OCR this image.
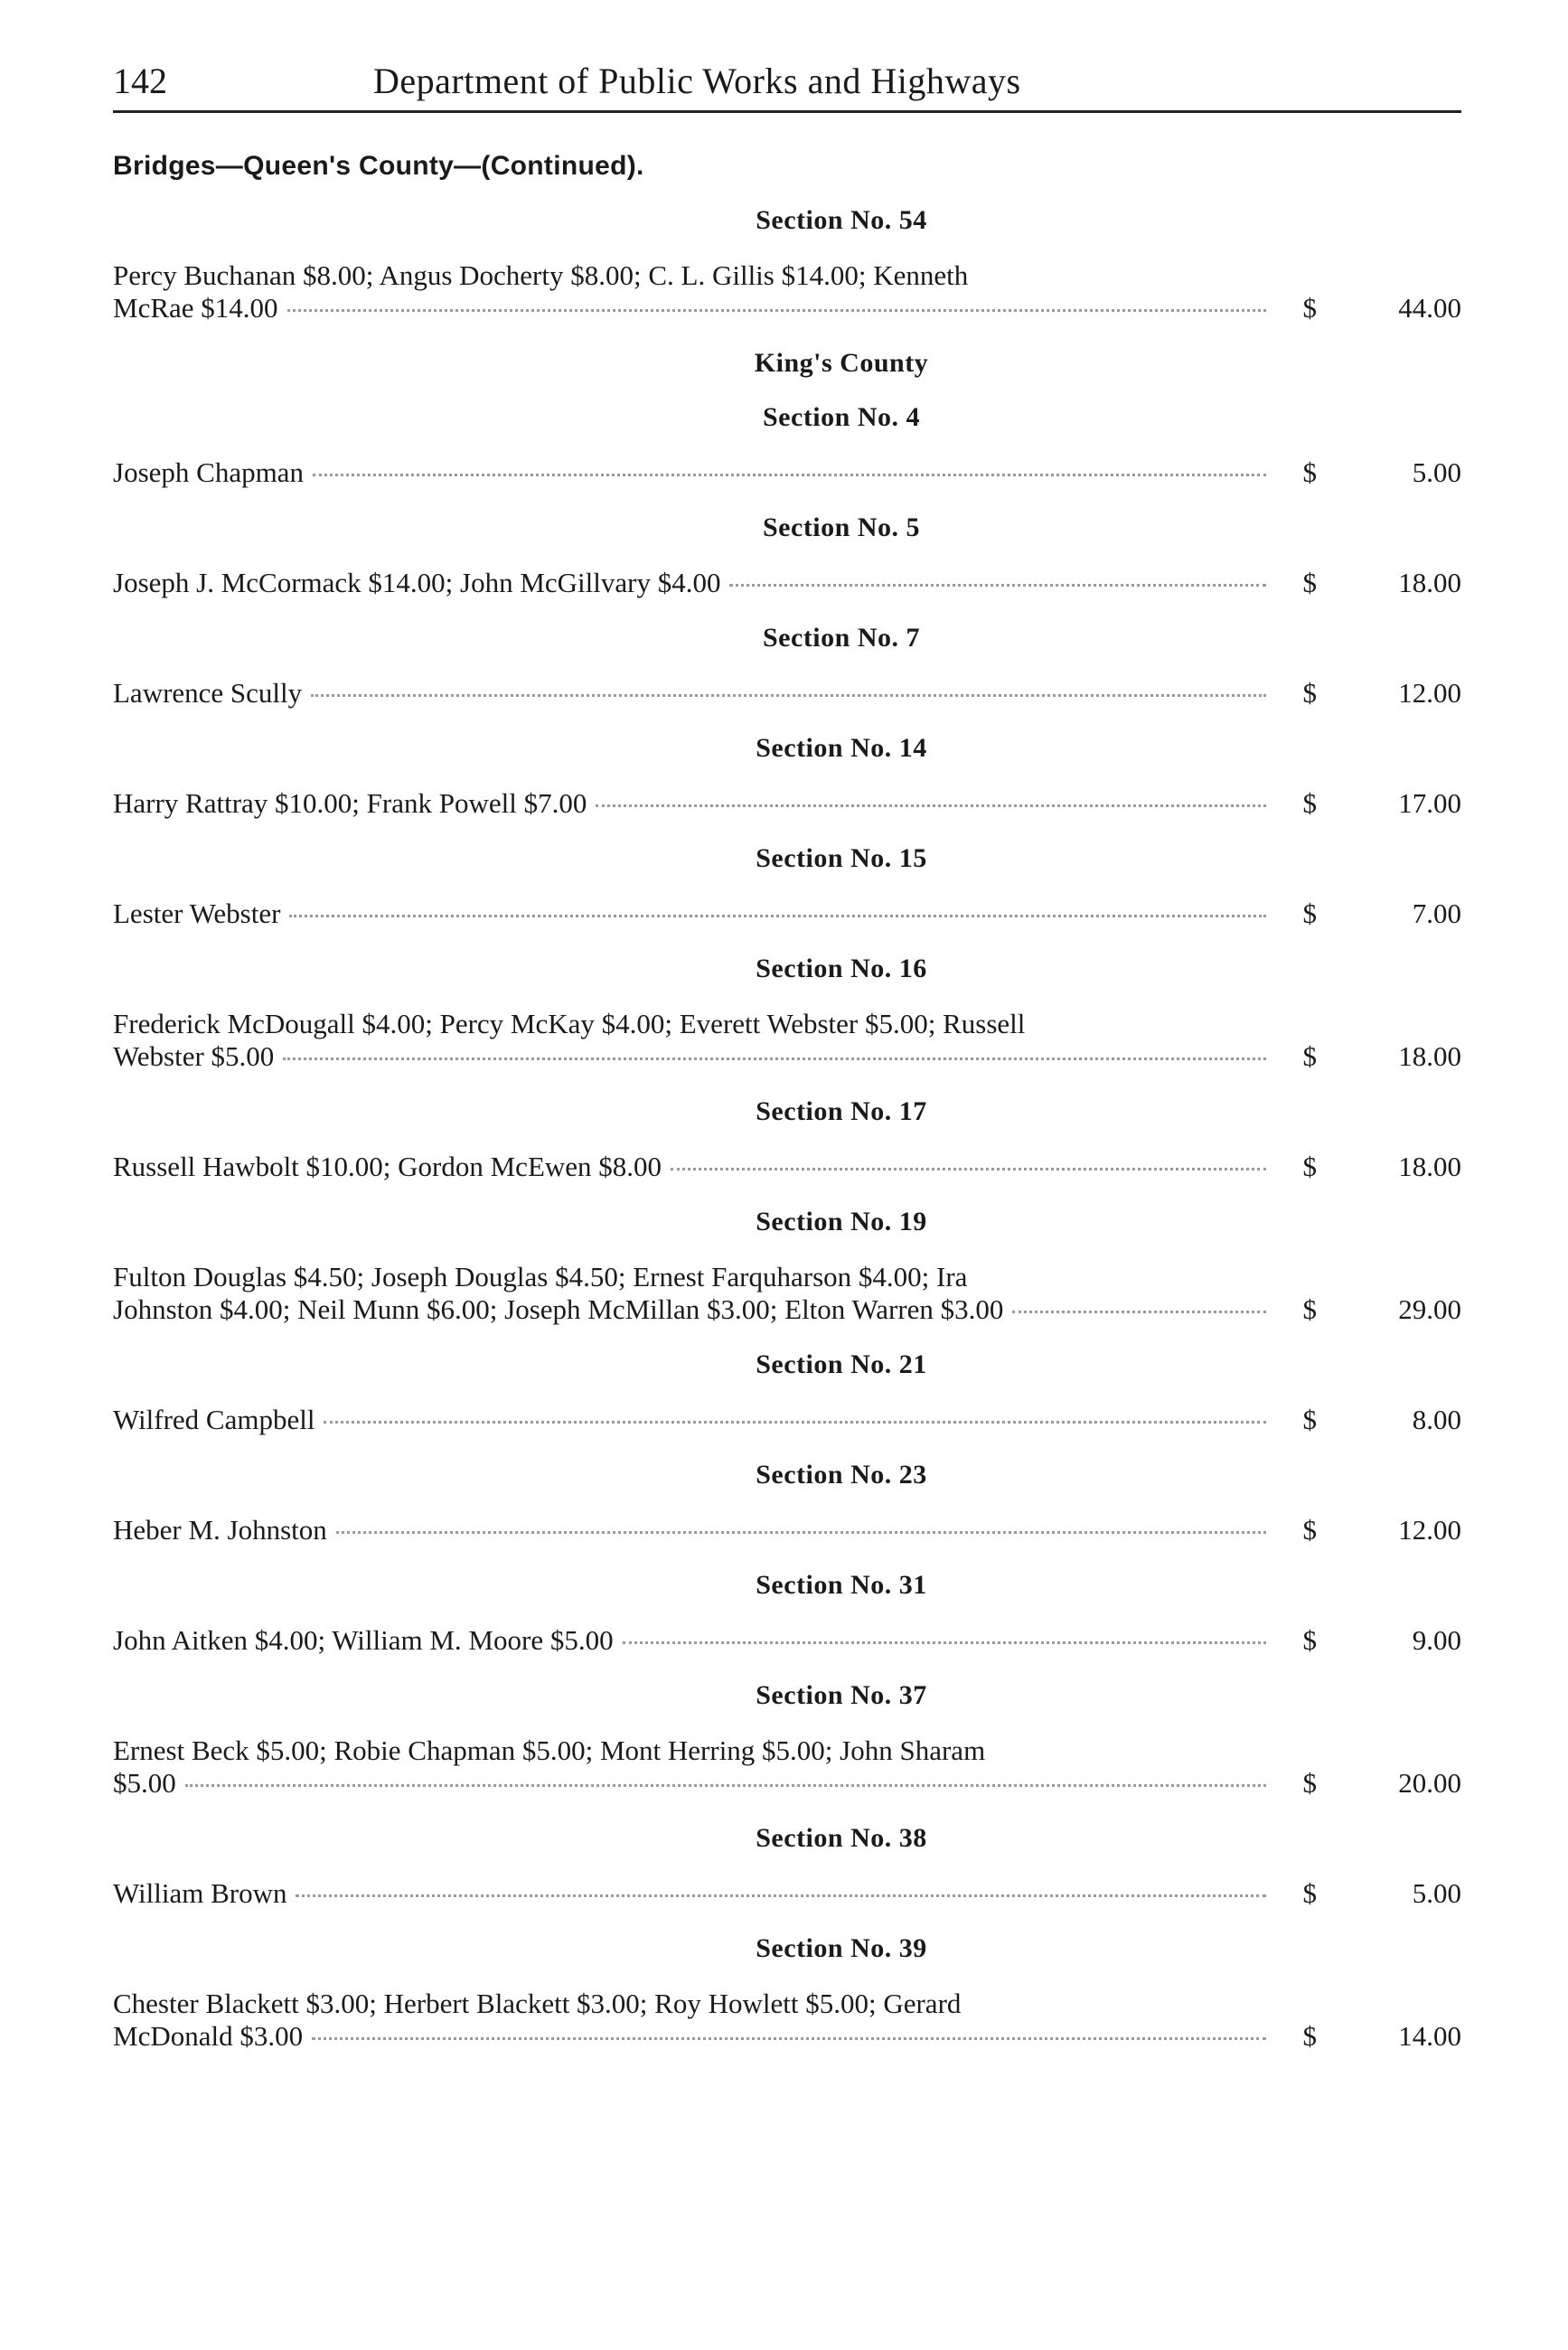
142	Department of Public Works and Highways
Bridges—Queen's County—(Continued).
Section No. 54
Percy Buchanan $8.00; Angus Docherty $8.00; C. L. Gillis $14.00; Kenneth
McRae $14.00	$	44.00
King's County
Section No. 4
Joseph Chapman	$	5.00
Section No. 5
Joseph J. McCormack $14.00; John McGillvary $4.00	$	18.00
Section No. 7
Lawrence Scully	$	12.00
Section No. 14
Harry Rattray $10.00; Frank Powell $7.00	$	17.00
Section No. 15
Lester Webster	$	7.00
Section No. 16
Frederick McDougall $4.00; Percy McKay $4.00; Everett Webster $5.00; Russell
Webster $5.00	$	18.00
Section No. 17
Russell Hawbolt $10.00; Gordon McEwen $8.00	$	18.00
Section No. 19
Fulton Douglas $4.50; Joseph Douglas $4.50; Ernest Farquharson $4.00; Ira
Johnston $4.00; Neil Munn $6.00; Joseph McMillan $3.00; Elton Warren $3.00	$	29.00
Section No. 21
Wilfred Campbell	$	8.00
Section No. 23
Heber M. Johnston	$	12.00
Section No. 31
John Aitken $4.00; William M. Moore $5.00	$	9.00
Section No. 37
Ernest Beck $5.00; Robie Chapman $5.00; Mont Herring $5.00; John Sharam
$5.00	$	20.00
Section No. 38
William Brown	$	5.00
Section No. 39
Chester Blackett $3.00; Herbert Blackett $3.00; Roy Howlett $5.00; Gerard
McDonald $3.00	$	14.00
